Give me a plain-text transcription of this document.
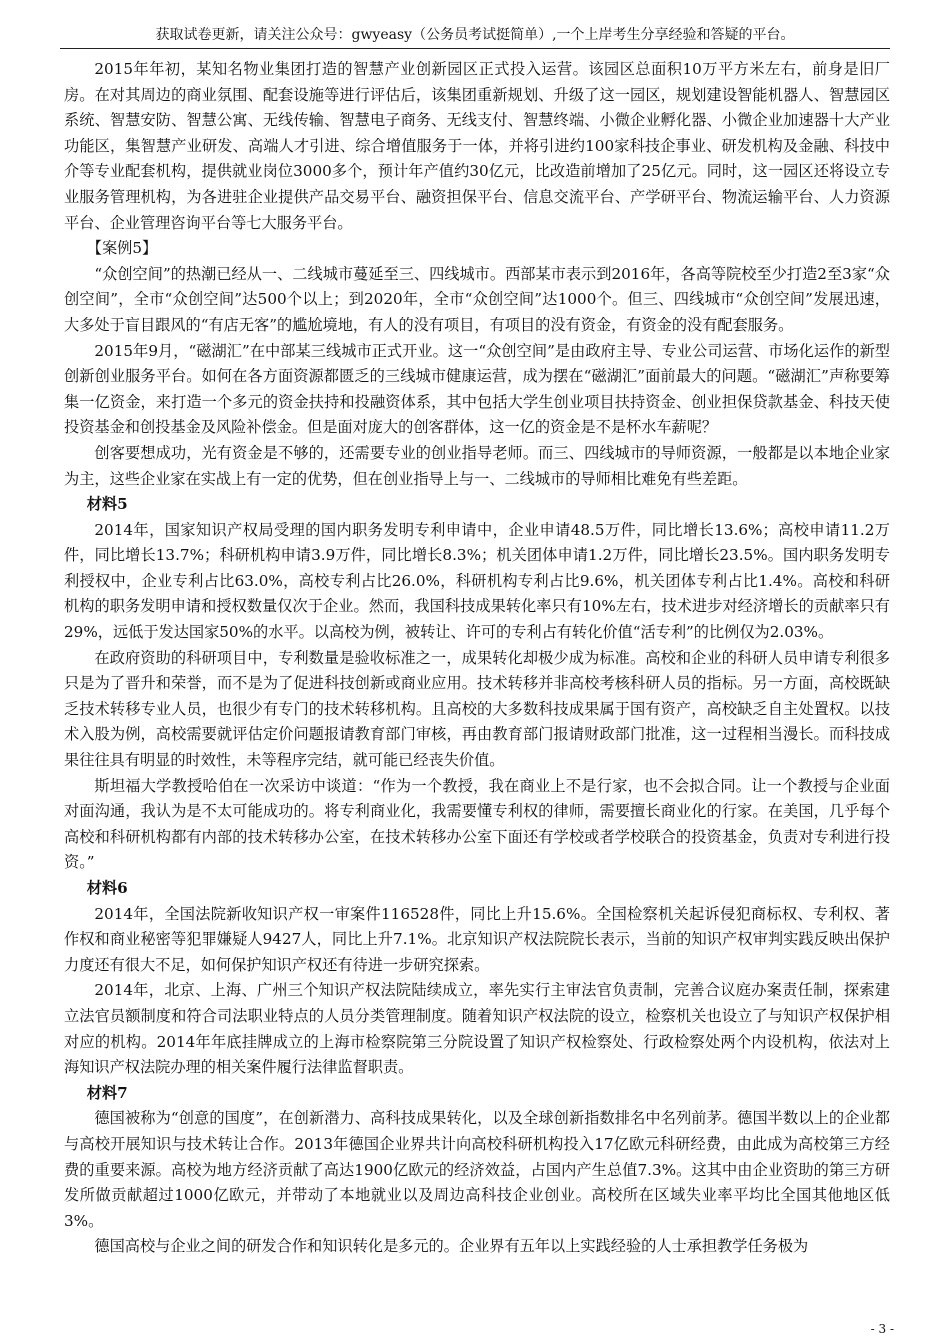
获取试卷更新，请关注公众号：gwyeasy（公务员考试挺简单）,一个上岸考生分享经验和答疑的平台。

2015年年初，某知名物业集团打造的智慧产业创新园区正式投入运营。该园区总面积10万平方米左右，前身是旧厂房。在对其周边的商业氛围、配套设施等进行评估后，该集团重新规划、升级了这一园区，规划建设智能机器人、智慧园区系统、智慧安防、智慧公寓、无线传输、智慧电子商务、无线支付、智慧终端、小微企业孵化器、小微企业加速器十大产业功能区，集智慧产业研发、高端人才引进、综合增值服务于一体，并将引进约100家科技企事业、研发机构及金融、科技中介等专业配套机构，提供就业岗位3000多个，预计年产值约30亿元，比改造前增加了25亿元。同时，这一园区还将设立专业服务管理机构，为各进驻企业提供产品交易平台、融资担保平台、信息交流平台、产学研平台、物流运输平台、人力资源平台、企业管理咨询平台等七大服务平台。

【案例5】

“众创空间”的热潮已经从一、二线城市蔓延至三、四线城市。西部某市表示到2016年，各高等院校至少打造2至3家“众创空间”，全市“众创空间”达500个以上；到2020年，全市“众创空间”达1000个。但三、四线城市“众创空间”发展迅速，大多处于盲目跟风的“有店无客”的尴尬境地，有人的没有项目，有项目的没有资金，有资金的没有配套服务。

2015年9月，“磁湖汇”在中部某三线城市正式开业。这一“众创空间”是由政府主导、专业公司运营、市场化运作的新型创新创业服务平台。如何在各方面资源都匮乏的三线城市健康运营，成为摆在“磁湖汇”面前最大的问题。“磁湖汇”声称要筹集一亿资金，来打造一个多元的资金扶持和投融资体系，其中包括大学生创业项目扶持资金、创业担保贷款基金、科技天使投资基金和创投基金及风险补偿金。但是面对庞大的创客群体，这一亿的资金是不是杯水车薪呢？

创客要想成功，光有资金是不够的，还需要专业的创业指导老师。而三、四线城市的导师资源，一般都是以本地企业家为主，这些企业家在实战上有一定的优势，但在创业指导上与一、二线城市的导师相比难免有些差距。

材料5

2014年，国家知识产权局受理的国内职务发明专利申请中，企业申请48.5万件，同比增长13.6%；高校申请11.2万件，同比增长13.7%；科研机构申请3.9万件，同比增长8.3%；机关团体申请1.2万件，同比增长23.5%。国内职务发明专利授权中，企业专利占比63.0%，高校专利占比26.0%，科研机构专利占比9.6%，机关团体专利占比1.4%。高校和科研机构的职务发明申请和授权数量仅次于企业。然而，我国科技成果转化率只有10%左右，技术进步对经济增长的贡献率只有29%，远低于发达国家50%的水平。以高校为例，被转让、许可的专利占有转化价值“活专利”的比例仅为2.03%。

在政府资助的科研项目中，专利数量是验收标准之一，成果转化却极少成为标准。高校和企业的科研人员申请专利很多只是为了晋升和荣誉，而不是为了促进科技创新或商业应用。技术转移并非高校考核科研人员的指标。另一方面，高校既缺乏技术转移专业人员，也很少有专门的技术转移机构。且高校的大多数科技成果属于国有资产，高校缺乏自主处置权。以技术入股为例，高校需要就评估定价问题报请教育部门审核，再由教育部门报请财政部门批准，这一过程相当漫长。而科技成果往往具有明显的时效性，未等程序完结，就可能已经丧失价值。

斯坦福大学教授哈伯在一次采访中谈道：“作为一个教授，我在商业上不是行家，也不会拟合同。让一个教授与企业面对面沟通，我认为是不太可能成功的。将专利商业化，我需要懂专利权的律师，需要擅长商业化的行家。在美国，几乎每个高校和科研机构都有内部的技术转移办公室，在技术转移办公室下面还有学校或者学校联合的投资基金，负责对专利进行投资。”

材料6

2014年，全国法院新收知识产权一审案件116528件，同比上升15.6%。全国检察机关起诉侵犯商标权、专利权、著作权和商业秘密等犯罪嫌疑人9427人，同比上升7.1%。北京知识产权法院院长表示，当前的知识产权审判实践反映出保护力度还有很大不足，如何保护知识产权还有待进一步研究探索。

2014年，北京、上海、广州三个知识产权法院陆续成立，率先实行主审法官负责制，完善合议庭办案责任制，探索建立法官员额制度和符合司法职业特点的人员分类管理制度。随着知识产权法院的设立，检察机关也设立了与知识产权保护相对应的机构。2014年年底挂牌成立的上海市检察院第三分院设置了知识产权检察处、行政检察处两个内设机构，依法对上海知识产权法院办理的相关案件履行法律监督职责。

材料7

德国被称为“创意的国度”，在创新潜力、高科技成果转化，以及全球创新指数排名中名列前茅。德国半数以上的企业都与高校开展知识与技术转让合作。2013年德国企业界共计向高校科研机构投入17亿欧元科研经费，由此成为高校第三方经费的重要来源。高校为地方经济贡献了高达1900亿欧元的经济效益，占国内产生总值7.3%。这其中由企业资助的第三方研发所做贡献超过1000亿欧元，并带动了本地就业以及周边高科技企业创业。高校所在区域失业率平均比全国其他地区低3%。

德国高校与企业之间的研发合作和知识转化是多元的。企业界有五年以上实践经验的人士承担教学任务极为

- 3 -
